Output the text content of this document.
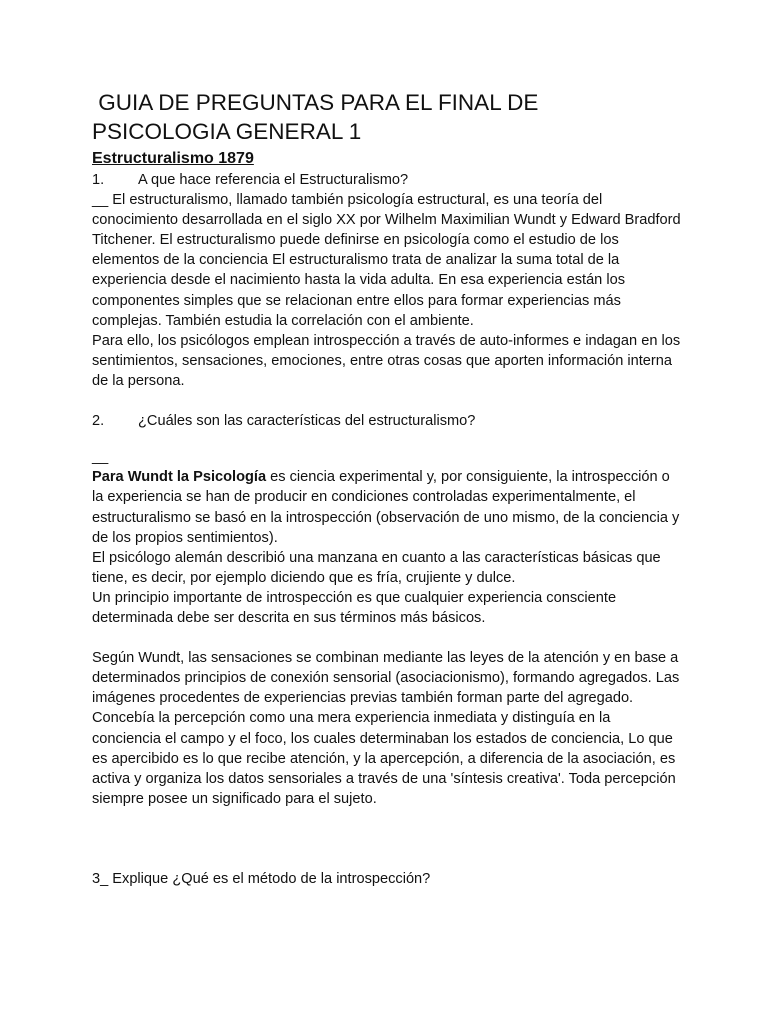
GUIA DE PREGUNTAS PARA EL FINAL DE PSICOLOGIA GENERAL 1
Estructuralismo 1879
1.	A que hace referencia el Estructuralismo?

__ El estructuralismo, llamado también psicología estructural, es una teoría del conocimiento desarrollada en el siglo XX por Wilhelm Maximilian Wundt y Edward Bradford Titchener. El estructuralismo puede definirse en psicología como el estudio de los elementos de la conciencia El estructuralismo trata de analizar la suma total de la experiencia desde el nacimiento hasta la vida adulta. En esa experiencia están los componentes simples que se relacionan entre ellos para formar experiencias más complejas. También estudia la correlación con el ambiente.

Para ello, los psicólogos emplean introspección a través de auto-informes e indagan en los sentimientos, sensaciones, emociones, entre otras cosas que aporten información interna de la persona.

2.	¿Cuáles son las características del estructuralismo?

__

Para Wundt la Psicología es ciencia experimental y, por consiguiente, la introspección o la experiencia se han de producir en condiciones controladas experimentalmente, el estructuralismo se basó en la introspección (observación de uno mismo, de la conciencia y de los propios sentimientos).

El psicólogo alemán describió una manzana en cuanto a las características básicas que tiene, es decir, por ejemplo diciendo que es fría, crujiente y dulce.

Un principio importante de introspección es que cualquier experiencia consciente determinada debe ser descrita en sus términos más básicos.

Según Wundt, las sensaciones se combinan mediante las leyes de la atención y en base a determinados principios de conexión sensorial (asociacionismo), formando agregados. Las imágenes procedentes de experiencias previas también forman parte del agregado. Concebía la percepción como una mera experiencia inmediata y distinguía en la conciencia el campo y el foco, los cuales determinaban los estados de conciencia, Lo que es apercibido es lo que recibe atención, y la apercepción, a diferencia de la asociación, es activa y organiza los datos sensoriales a través de una 'síntesis creativa'. Toda percepción siempre posee un significado para el sujeto.

3_ Explique ¿Qué es el método de la introspección?
